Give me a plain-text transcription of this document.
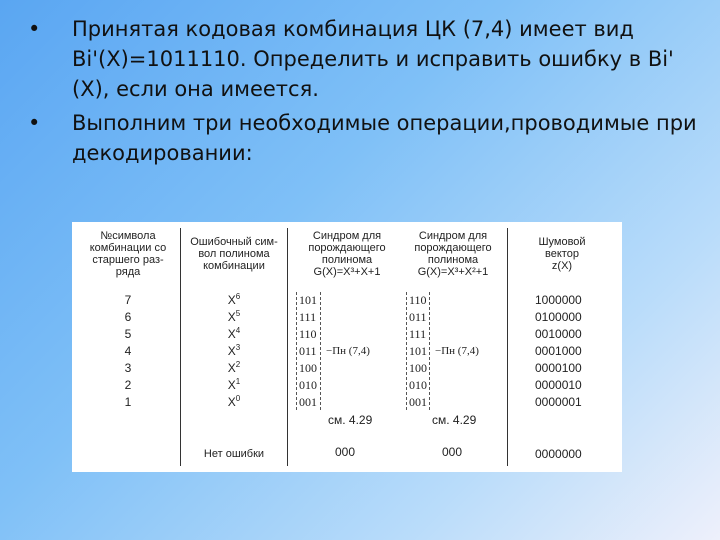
• Принятая кодовая комбинация ЦК (7,4) имеет вид Bi'(X)=1011110. Определить и исправить ошибку в Bi' (X), если она имеется.
• Выполним три необходимые операции,проводимые при декодировании:
№символа
комбинации со
старшего раз-
ряда
Ошибочный сим-
вол полинома
комбинации
Синдром для
порождающего
полинома
G(X)=X³+X+1
Синдром для
порождающего
полинома
G(X)=X³+X²+1
Шумовой
вектор
z(X)
7
6
5
4
3
2
1
$X^6$
$X^5$
$X^4$
$X^3$
$X^2$
$X^1$
$X^0$
101
111
110
011
100
010
001
−Пн (7,4)
см. 4.29
000
110
011
111
101
100
010
001
−Пн (7,4)
см. 4.29
000
1000000
0100000
0010000
0001000
0000100
0000010
0000001
0000000
Нет ошибки
